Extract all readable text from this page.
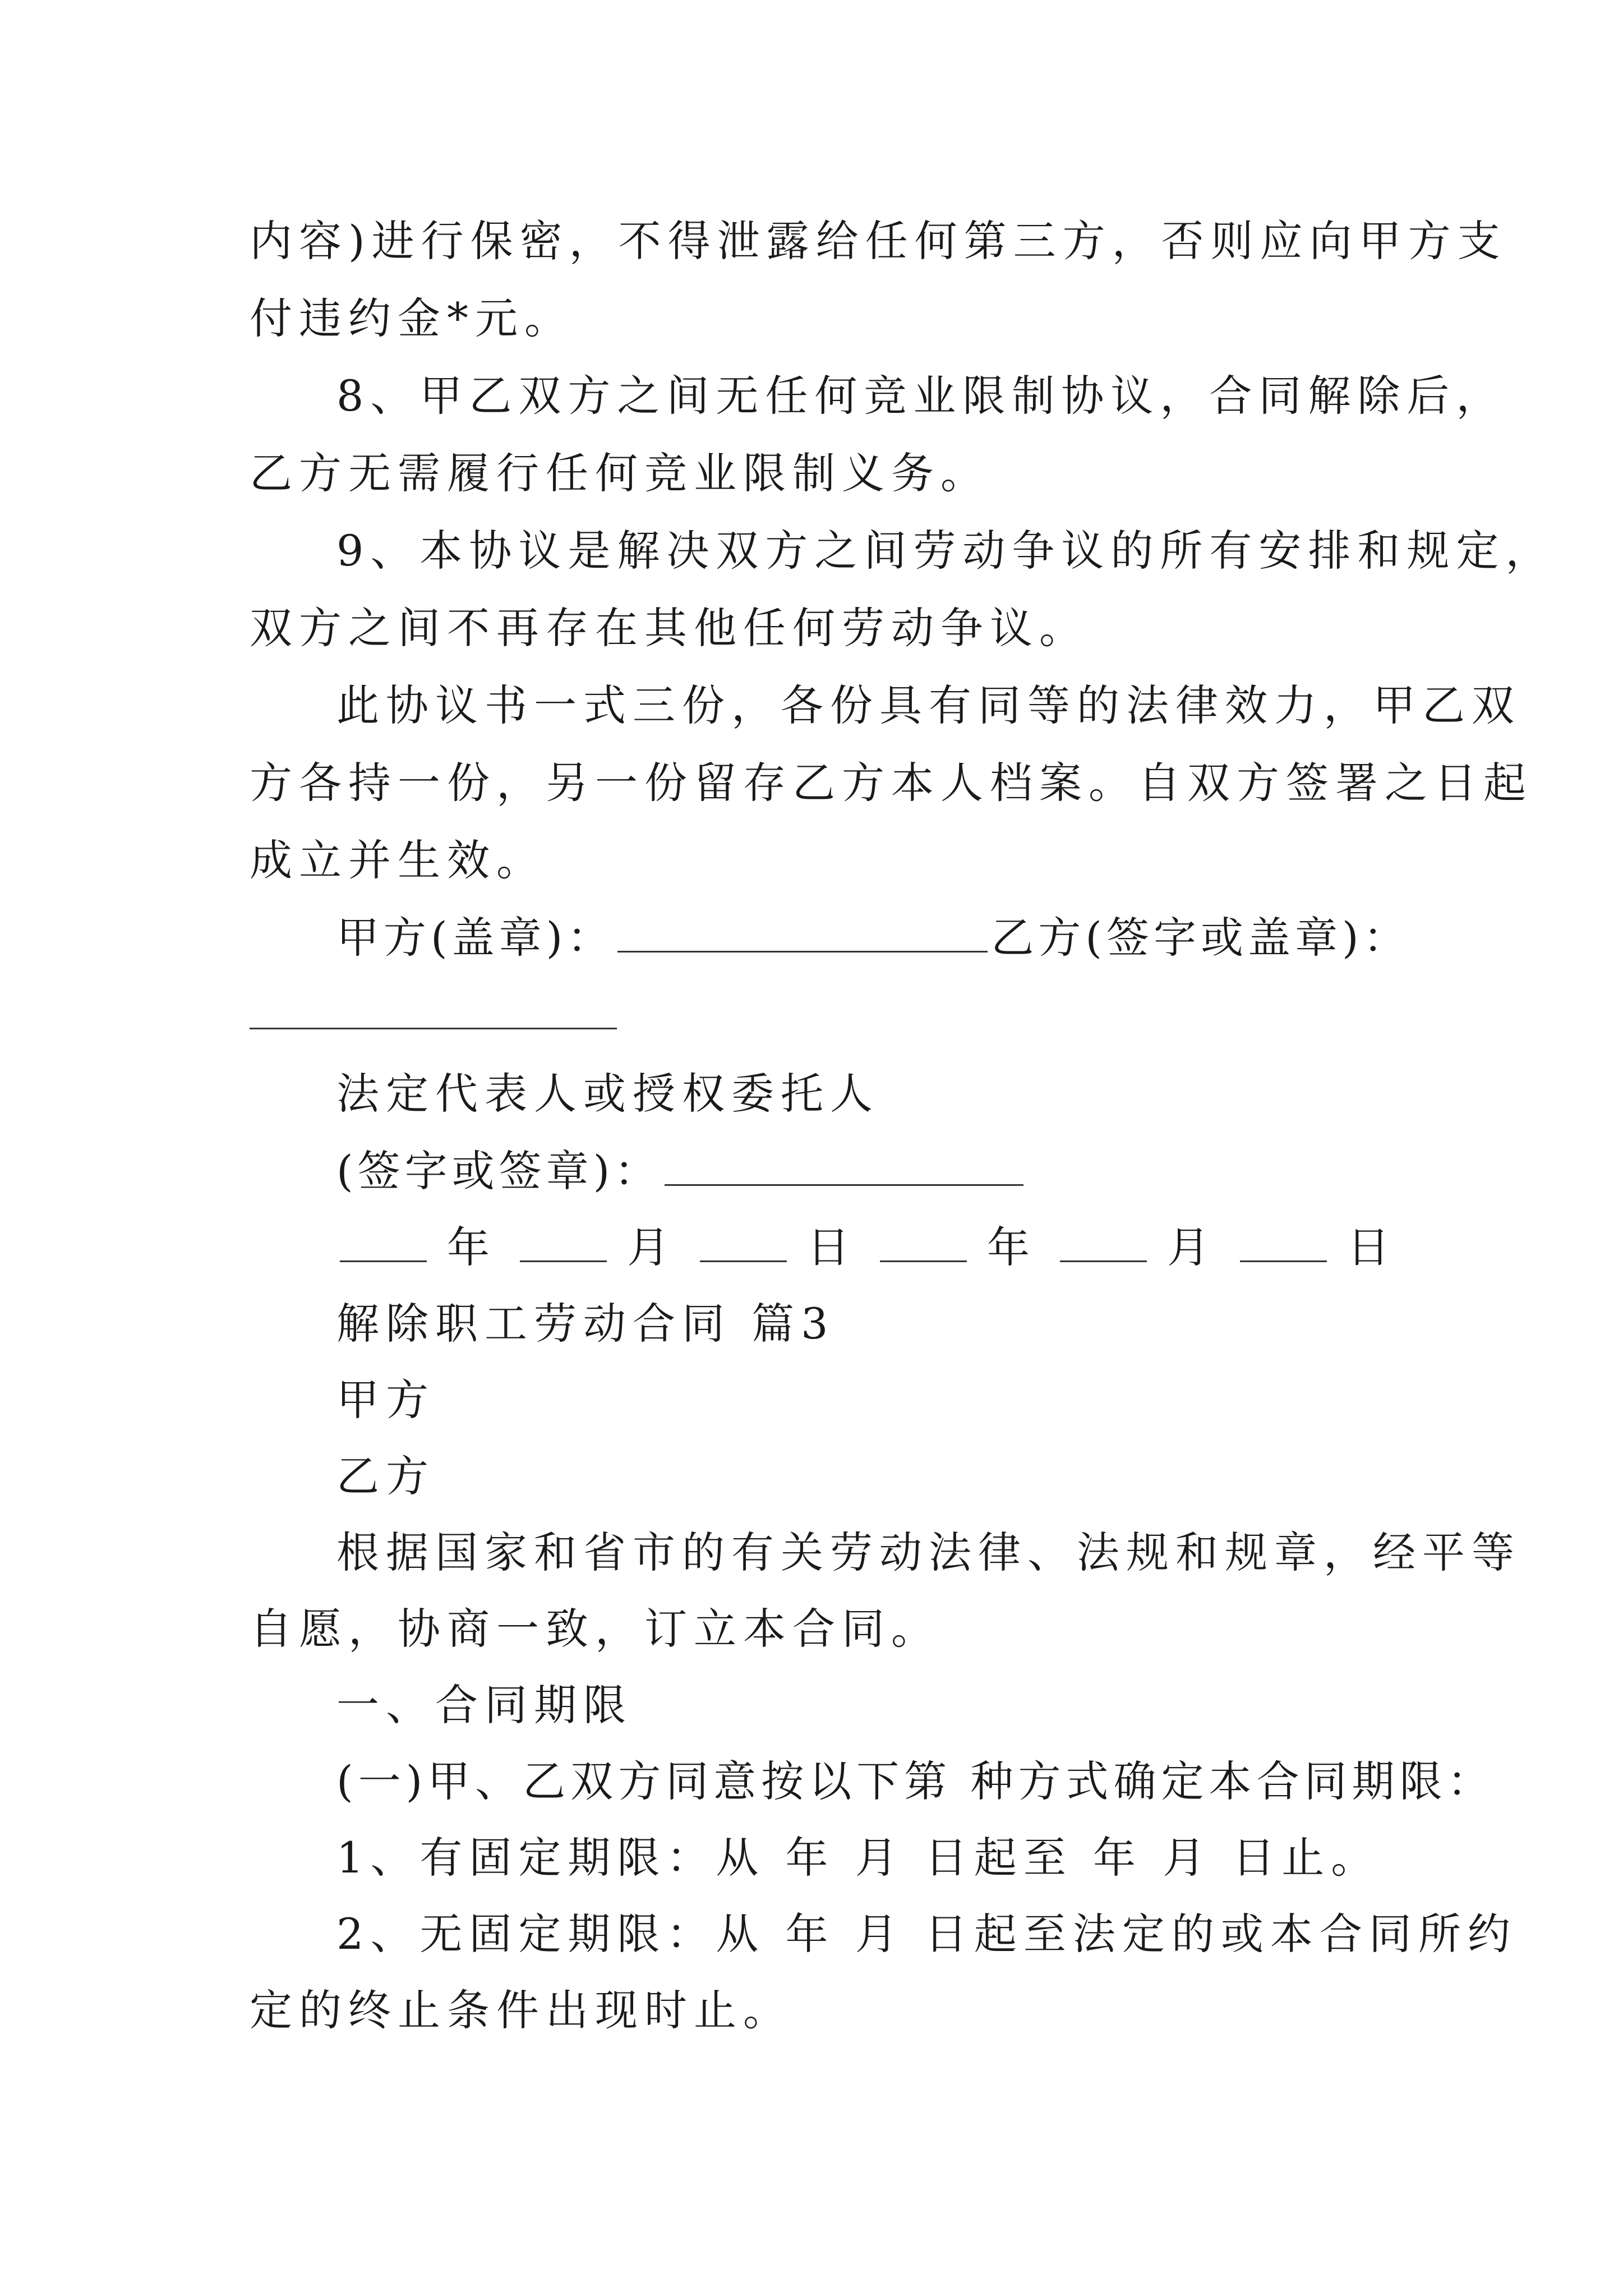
内容)进行保密，不得泄露给任何第三方，否则应向甲方支
付违约金*元。
8、甲乙双方之间无任何竞业限制协议，合同解除后，
乙方无需履行任何竞业限制义务。
9、本协议是解决双方之间劳动争议的所有安排和规定，
双方之间不再存在其他任何劳动争议。
此协议书一式三份，各份具有同等的法律效力，甲乙双
方各持一份，另一份留存乙方本人档案。自双方签署之日起
成立并生效。
甲方(盖章)：	乙方(签字或盖章)：
法定代表人或授权委托人
(签字或签章)：
年	月	日	年	月	日
解除职工劳动合同 篇3
甲方
乙方
根据国家和省市的有关劳动法律、法规和规章，经平等
自愿，协商一致，订立本合同。
一、合同期限
(一)甲、乙双方同意按以下第 种方式确定本合同期限：
1、有固定期限：从 年 月 日起至 年 月 日止。
2、无固定期限：从 年 月 日起至法定的或本合同所约
定的终止条件出现时止。
